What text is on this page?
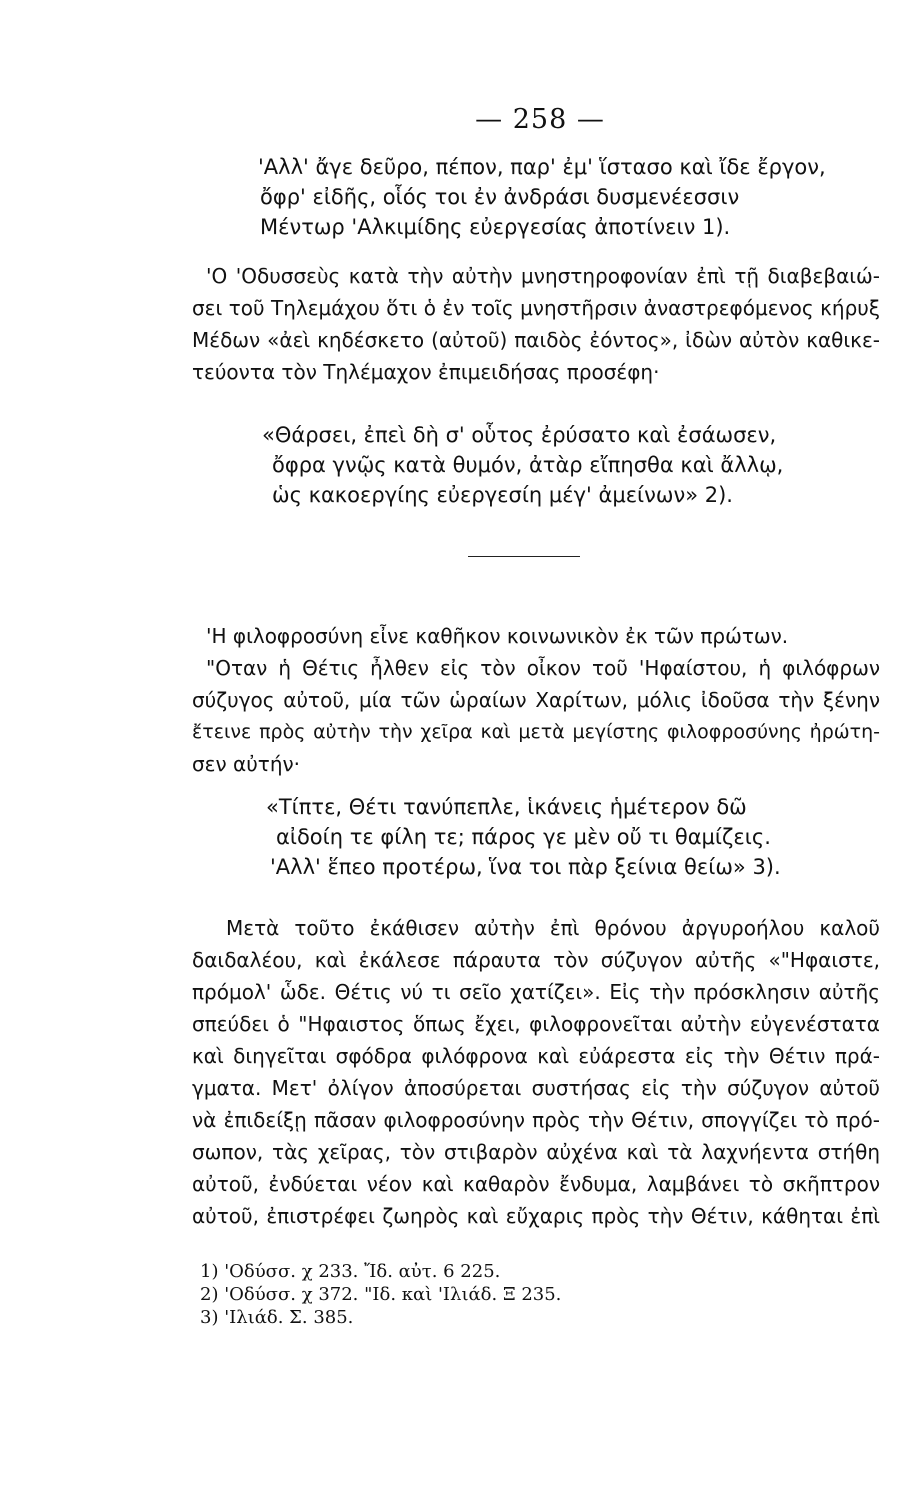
— 258 —
'Αλλ' ἄγε δεῦρο, πέπον, παρ' ἐμ' ἵστασο καὶ ἴδε ἔργον,
ὄφρ' εἰδῆς, οἷός τοι ἐν ἀνδράσι δυσμενέεσσιν
Μέντωρ 'Αλκιμίδης εὐεργεσίας ἀποτίνειν 1).
'Ο 'Οδυσσεὺς κατὰ τὴν αὐτὴν μνηστηροφονίαν ἐπὶ τῇ διαβεβαιώ-
σει τοῦ Τηλεμάχου ὅτι ὁ ἐν τοῖς μνηστῆρσιν ἀναστρεφόμενος κήρυξ
Μέδων «ἀεὶ κηδέσκετο (αὐτοῦ) παιδὸς ἐόντος», ἰδὼν αὐτὸν καθικε-
τεύοντα τὸν Τηλέμαχον ἐπιμειδήσας προσέφη·
«Θάρσει, ἐπεὶ δὴ σ' οὗτος ἐρύσατο καὶ ἐσάωσεν,
ὄφρα γνῷς κατὰ θυμόν, ἀτὰρ εἴπησθα καὶ ἄλλῳ,
ὡς κακοεργίης εὐεργεσίη μέγ' ἀμείνων» 2).
'Η φιλοφροσύνη εἶνε καθῆκον κοινωνικὸν ἐκ τῶν πρώτων.
"Οταν ἡ Θέτις ἦλθεν εἰς τὸν οἶκον τοῦ 'Ηφαίστου, ἡ φιλόφρων
σύζυγος αὐτοῦ, μία τῶν ὡραίων Χαρίτων, μόλις ἰδοῦσα τὴν ξένην
ἔτεινε πρὸς αὐτὴν τὴν χεῖρα καὶ μετὰ μεγίστης φιλοφροσύνης ἠρώτη-
σεν αὐτήν·
«Τίπτε, Θέτι τανύπεπλε, ἱκάνεις ἡμέτερον δῶ
αἰδοίη τε φίλη τε; πάρος γε μὲν οὔ τι θαμίζεις.
'Αλλ' ἕπεο προτέρω, ἵνα τοι πὰρ ξείνια θείω» 3).
Μετὰ τοῦτο ἐκάθισεν αὐτὴν ἐπὶ θρόνου ἀργυροήλου καλοῦ
δαιδαλέου, καὶ ἐκάλεσε πάραυτα τὸν σύζυγον αὐτῆς «"Ηφαιστε,
πρόμολ' ὧδε. Θέτις νύ τι σεῖο χατίζει». Εἰς τὴν πρόσκλησιν αὐτῆς
σπεύδει ὁ "Ηφαιστος ὅπως ἔχει, φιλοφρονεῖται αὐτὴν εὐγενέστατα
καὶ διηγεῖται σφόδρα φιλόφρονα καὶ εὐάρεστα εἰς τὴν Θέτιν πρά-
γματα. Μετ' ὀλίγον ἀποσύρεται συστήσας εἰς τὴν σύζυγον αὐτοῦ
νὰ ἐπιδείξῃ πᾶσαν φιλοφροσύνην πρὸς τὴν Θέτιν, σπογγίζει τὸ πρό-
σωπον, τὰς χεῖρας, τὸν στιβαρὸν αὐχένα καὶ τὰ λαχνήεντα στήθη
αὐτοῦ, ἐνδύεται νέον καὶ καθαρὸν ἔνδυμα, λαμβάνει τὸ σκῆπτρον
αὐτοῦ, ἐπιστρέφει ζωηρὸς καὶ εὔχαρις πρὸς τὴν Θέτιν, κάθηται ἐπὶ
1) 'Οδύσσ. χ 233. Ἴδ. αὐτ. 6 225.
2) 'Οδύσσ. χ 372. "Ιδ. καὶ 'Ιλιάδ. Ξ 235.
3) 'Ιλιάδ. Σ. 385.
